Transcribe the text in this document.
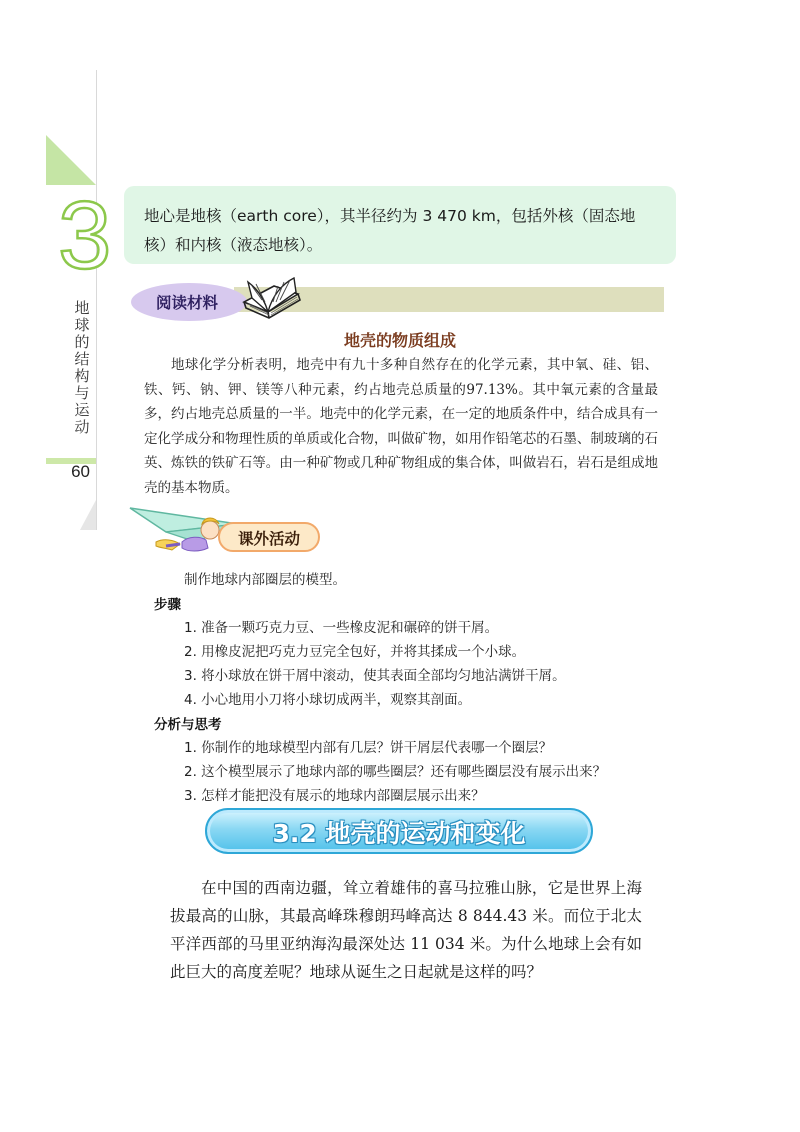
3
地球的结构与运动
60
地心是地核（earth core），其半径约为 3 470 km，包括外核（固态地核）和内核（液态地核）。
阅读材料
地壳的物质组成
地球化学分析表明，地壳中有九十多种自然存在的化学元素，其中氧、硅、铝、铁、钙、钠、钾、镁等八种元素，约占地壳总质量的97.13%。其中氧元素的含量最多，约占地壳总质量的一半。地壳中的化学元素，在一定的地质条件中，结合成具有一定化学成分和物理性质的单质或化合物，叫做矿物，如用作铅笔芯的石墨、制玻璃的石英、炼铁的铁矿石等。由一种矿物或几种矿物组成的集合体，叫做岩石，岩石是组成地壳的基本物质。
课外活动
制作地球内部圈层的模型。
步骤
1. 准备一颗巧克力豆、一些橡皮泥和碾碎的饼干屑。
2. 用橡皮泥把巧克力豆完全包好，并将其揉成一个小球。
3. 将小球放在饼干屑中滚动，使其表面全部均匀地沾满饼干屑。
4. 小心地用小刀将小球切成两半，观察其剖面。
分析与思考
1. 你制作的地球模型内部有几层？饼干屑层代表哪一个圈层？
2. 这个模型展示了地球内部的哪些圈层？还有哪些圈层没有展示出来？
3. 怎样才能把没有展示的地球内部圈层展示出来？
3.2 地壳的运动和变化
在中国的西南边疆，耸立着雄伟的喜马拉雅山脉，它是世界上海拔最高的山脉，其最高峰珠穆朗玛峰高达 8 844.43 米。而位于北太平洋西部的马里亚纳海沟最深处达 11 034 米。为什么地球上会有如此巨大的高度差呢？地球从诞生之日起就是这样的吗？
